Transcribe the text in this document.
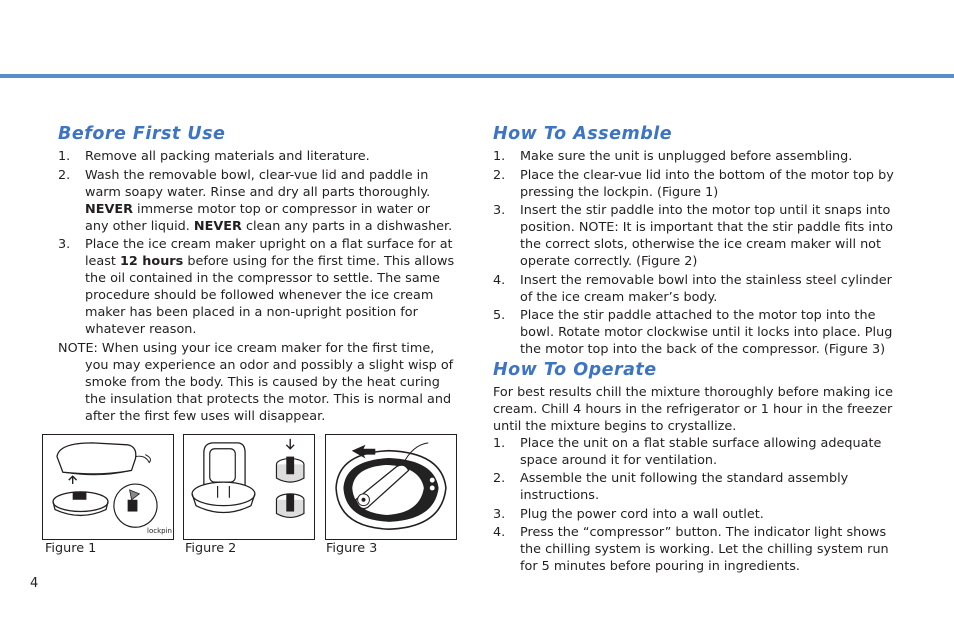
Before First Use
1. Remove all packing materials and literature.
2. Wash the removable bowl, clear-vue lid and paddle in warm soapy water. Rinse and dry all parts thoroughly. NEVER immerse motor top or compressor in water or any other liquid. NEVER clean any parts in a dishwasher.
3. Place the ice cream maker upright on a flat surface for at least 12 hours before using for the first time. This allows the oil contained in the compressor to settle. The same procedure should be followed whenever the ice cream maker has been placed in a non-upright position for whatever reason.
NOTE: When using your ice cream maker for the first time, you may experience an odor and possibly a slight wisp of smoke from the body. This is caused by the heat curing the insulation that protects the motor. This is normal and after the first few uses will disappear.
How To Assemble
1. Make sure the unit is unplugged before assembling.
2. Place the clear-vue lid into the bottom of the motor top by pressing the lockpin. (Figure 1)
3. Insert the stir paddle into the motor top until it snaps into position. NOTE: It is important that the stir paddle fits into the correct slots, otherwise the ice cream maker will not operate correctly. (Figure 2)
4. Insert the removable bowl into the stainless steel cylinder of the ice cream maker’s body.
5. Place the stir paddle attached to the motor top into the bowl. Rotate motor clockwise until it locks into place. Plug the motor top into the back of the compressor. (Figure 3)
How To Operate

For best results chill the mixture thoroughly before making ice cream. Chill 4 hours in the refrigerator or 1 hour in the freezer until the mixture begins to crystallize.

1. Place the unit on a flat stable surface allowing adequate space around it for ventilation.
2. Assemble the unit following the standard assembly instructions.
3. Plug the power cord into a wall outlet.
4. Press the “compressor” button. The indicator light shows the chilling system is working. Let the chilling system run for 5 minutes before pouring in ingredients.
lockpin
Figure 1	Figure 2	Figure 3
4
